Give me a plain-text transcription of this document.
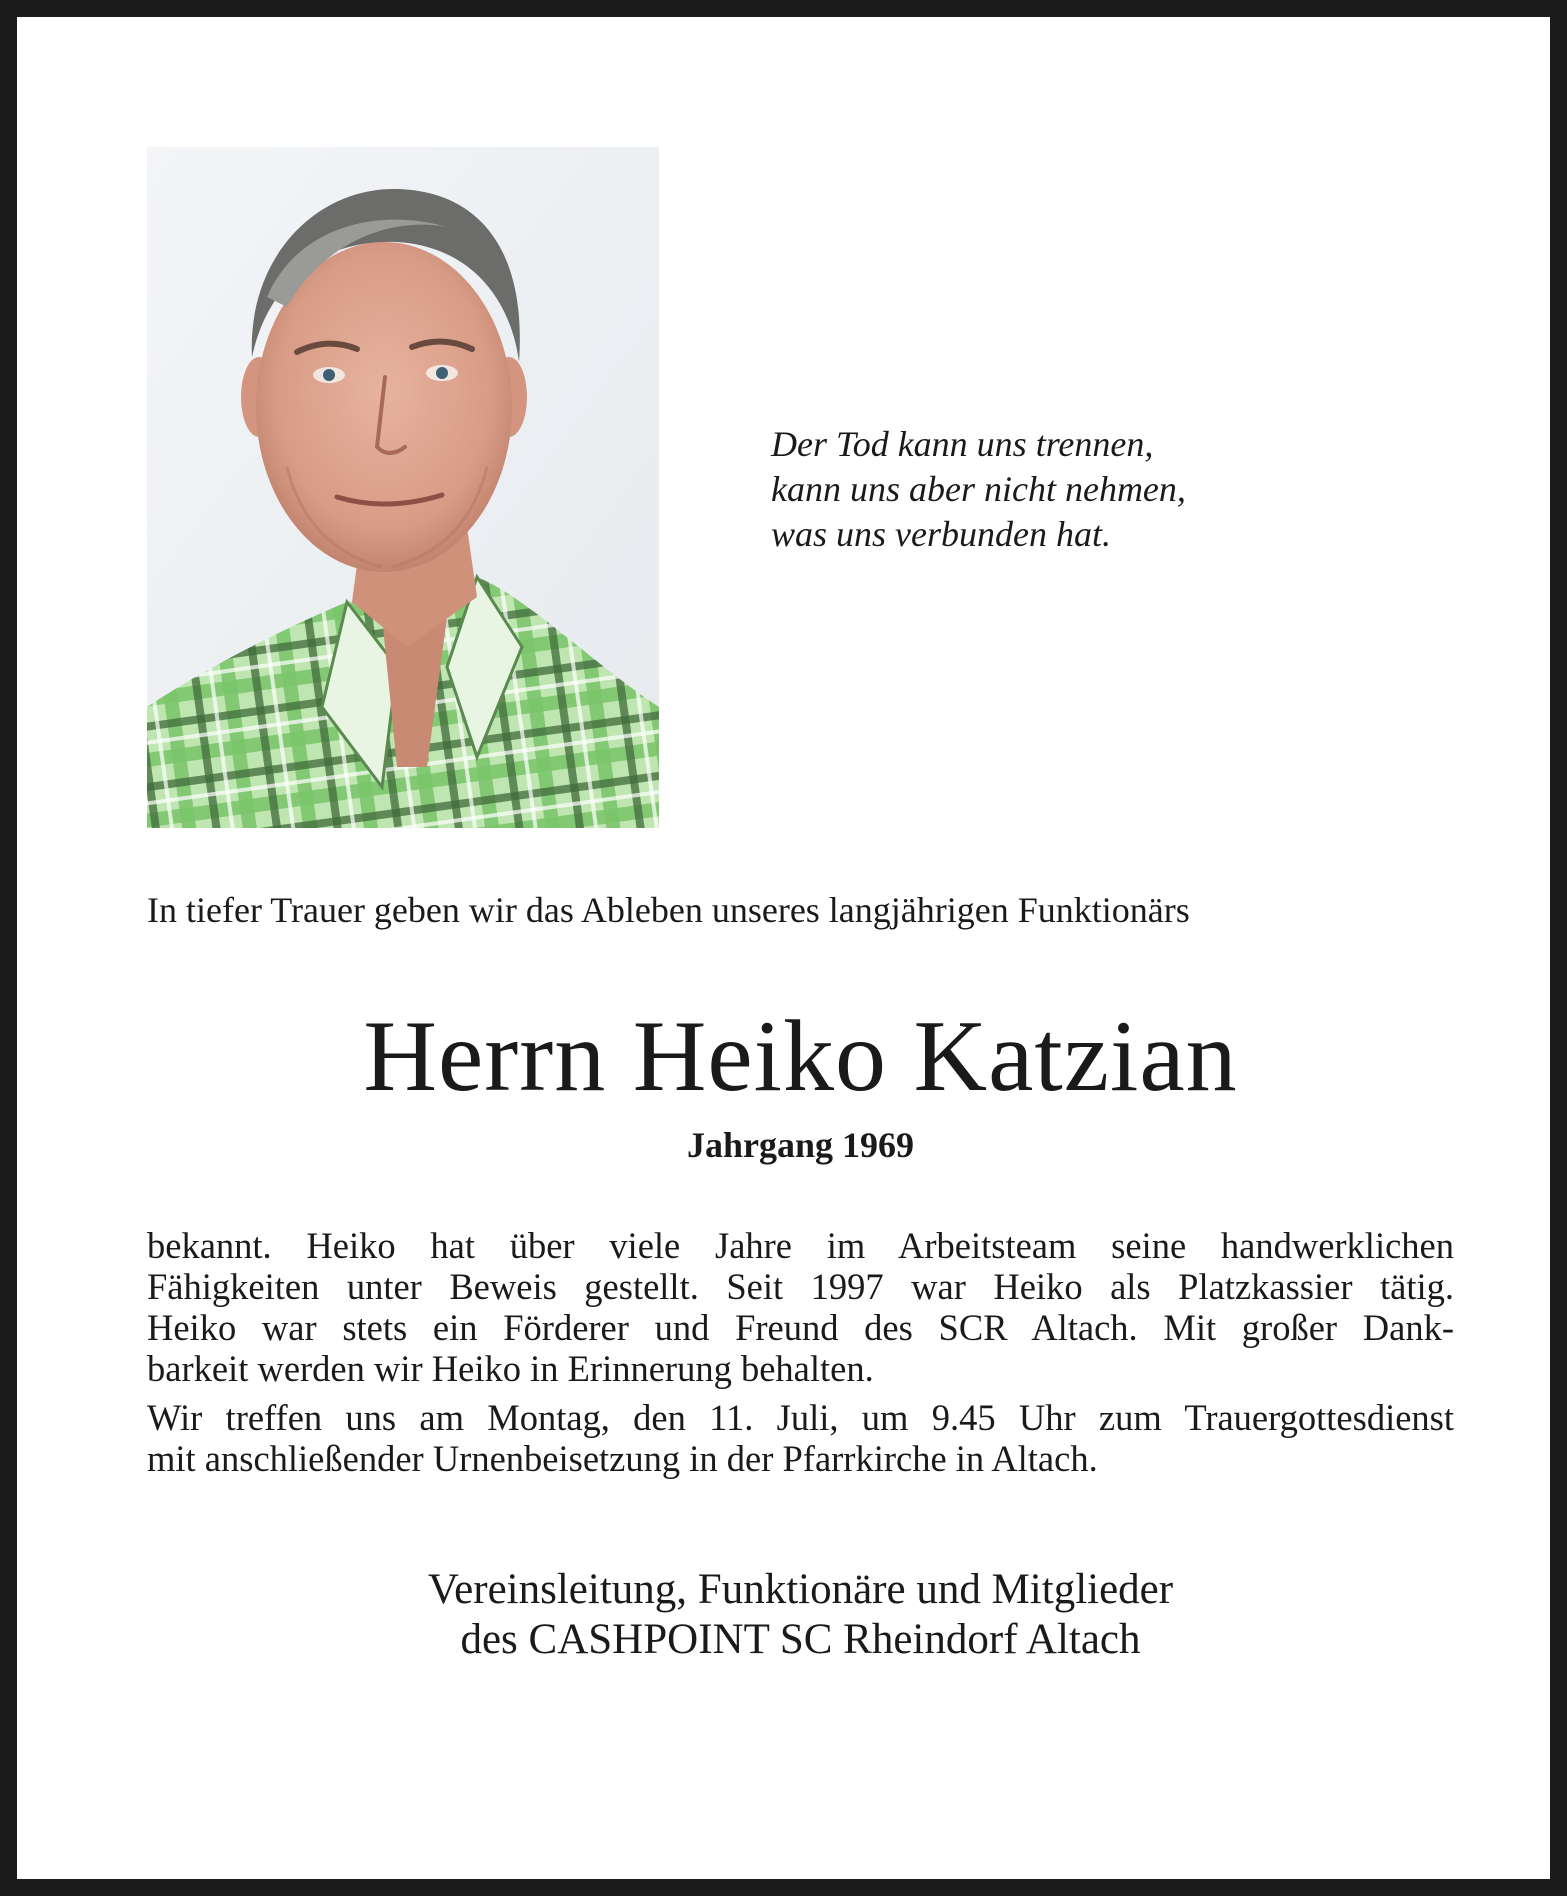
Der Tod kann uns trennen,
kann uns aber nicht nehmen,
was uns verbunden hat.
In tiefer Trauer geben wir das Ableben unseres langjährigen Funktionärs
Herrn Heiko Katzian
Jahrgang 1969
bekannt. Heiko hat über viele Jahre im Arbeitsteam seine handwerklichen
Fähigkeiten unter Beweis gestellt. Seit 1997 war Heiko als Platzkassier tätig.
Heiko war stets ein Förderer und Freund des SCR Altach. Mit großer Dank-
barkeit werden wir Heiko in Erinnerung behalten.
Wir treffen uns am Montag, den 11. Juli, um 9.45 Uhr zum Trauergottesdienst
mit anschließender Urnenbeisetzung in der Pfarrkirche in Altach.
Vereinsleitung, Funktionäre und Mitglieder
des CASHPOINT SC Rheindorf Altach
